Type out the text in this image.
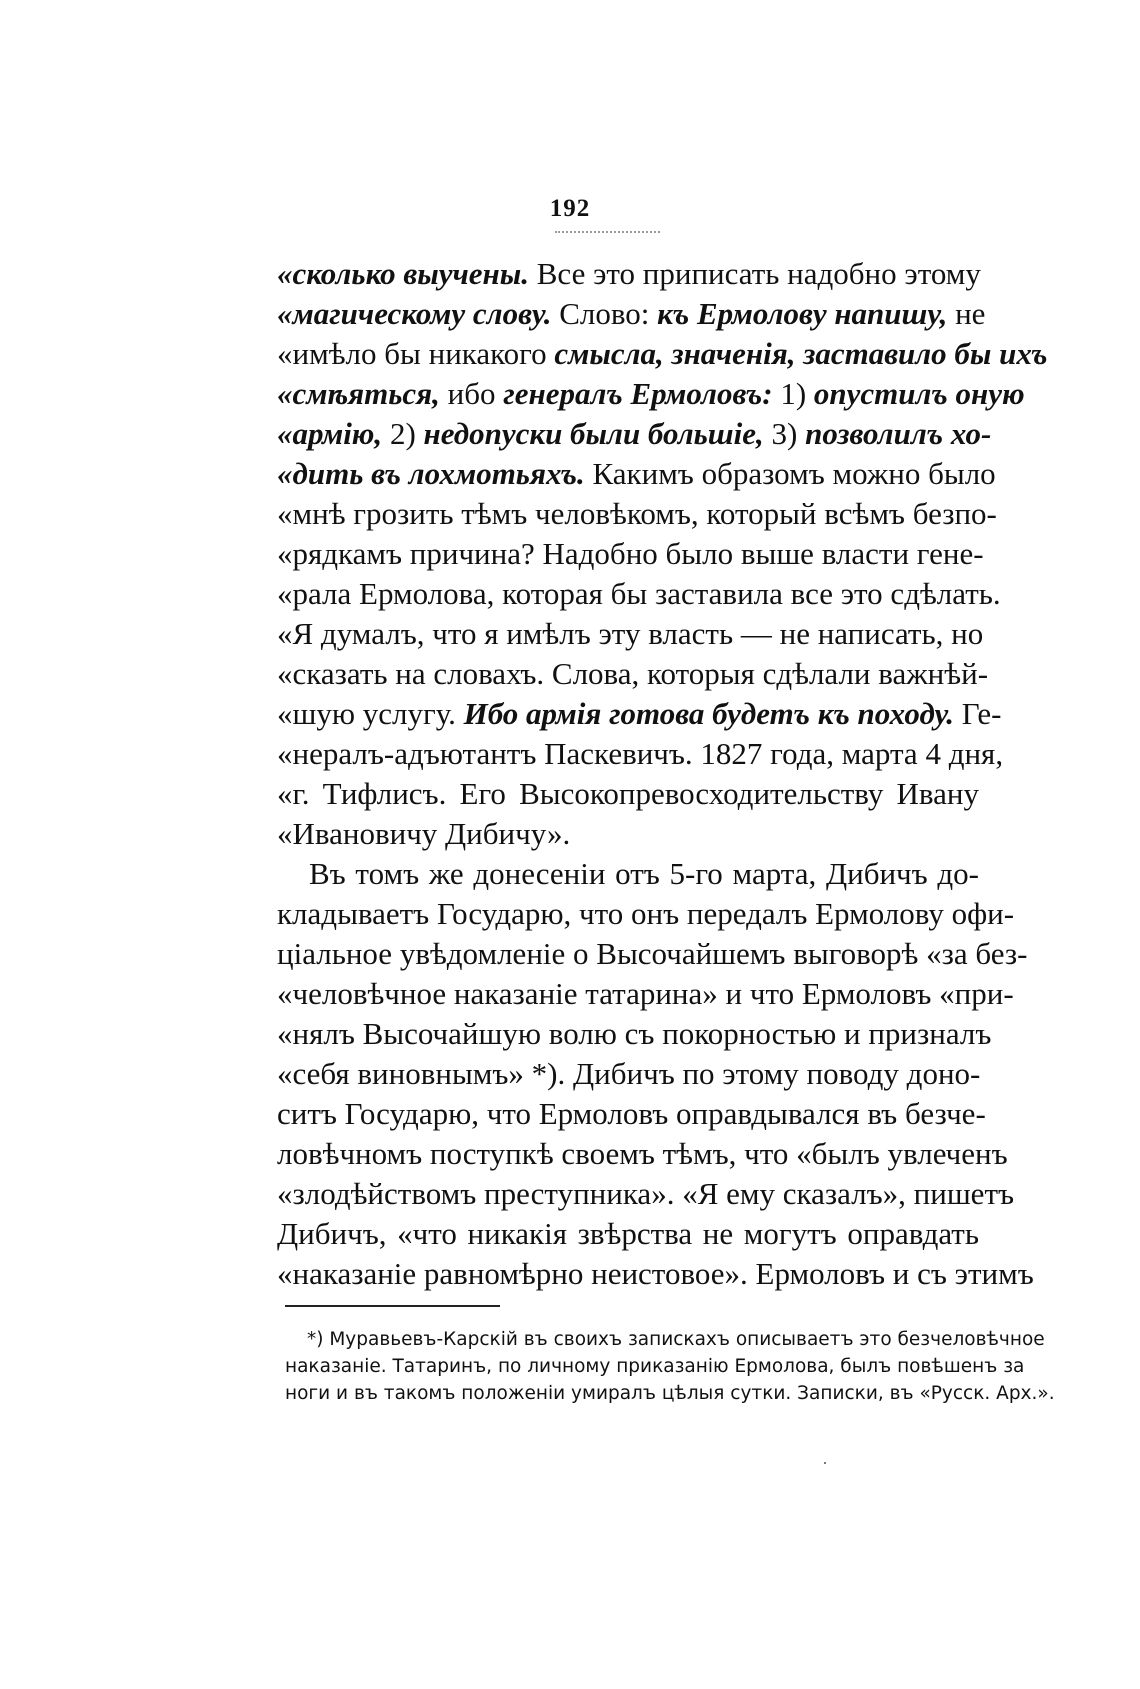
192
«сколько выучены. Все это приписать надобно этому
«магическому слову. Слово: къ Ермолову напишу, не
«имѣло бы никакого смысла, значенія, заставило бы ихъ
«смѣяться, ибо генералъ Ермоловъ: 1) опустилъ оную
«армію, 2) недопуски были большіе, 3) позволилъ хо-
«дить въ лохмотьяхъ. Какимъ образомъ можно было
«мнѣ грозить тѣмъ человѣкомъ, который всѣмъ безпо-
«рядкамъ причина? Надобно было выше власти гене-
«рала Ермолова, которая бы заставила все это сдѣлать.
«Я думалъ, что я имѣлъ эту власть — не написать, но
«сказать на словахъ. Слова, которыя сдѣлали важнѣй-
«шую услугу. Ибо армія готова будетъ къ походу. Ге-
«нералъ-адъютантъ Паскевичъ. 1827 года, марта 4 дня,
«г. Тифлисъ. Его Высокопревосходительству Ивану
«Ивановичу Дибичу».
Въ томъ же донесеніи отъ 5-го марта, Дибичъ до-
кладываетъ Государю, что онъ передалъ Ермолову офи-
ціальное увѣдомленіе о Высочайшемъ выговорѣ «за без-
«человѣчное наказаніе татарина» и что Ермоловъ «при-
«нялъ Высочайшую волю съ покорностью и призналъ
«себя виновнымъ» *). Дибичъ по этому поводу доно-
ситъ Государю, что Ермоловъ оправдывался въ безче-
ловѣчномъ поступкѣ своемъ тѣмъ, что «былъ увлеченъ
«злодѣйствомъ преступника». «Я ему сказалъ», пишетъ
Дибичъ, «что никакія звѣрства не могутъ оправдать
«наказаніе равномѣрно неистовое». Ермоловъ и съ этимъ
*) Муравьевъ-Карскій въ своихъ запискахъ описываетъ это безчеловѣчное
наказаніе. Татаринъ, по личному приказанію Ермолова, былъ повѣшенъ за
ноги и въ такомъ положеніи умиралъ цѣлыя сутки. Записки, въ «Русск. Арх.».
